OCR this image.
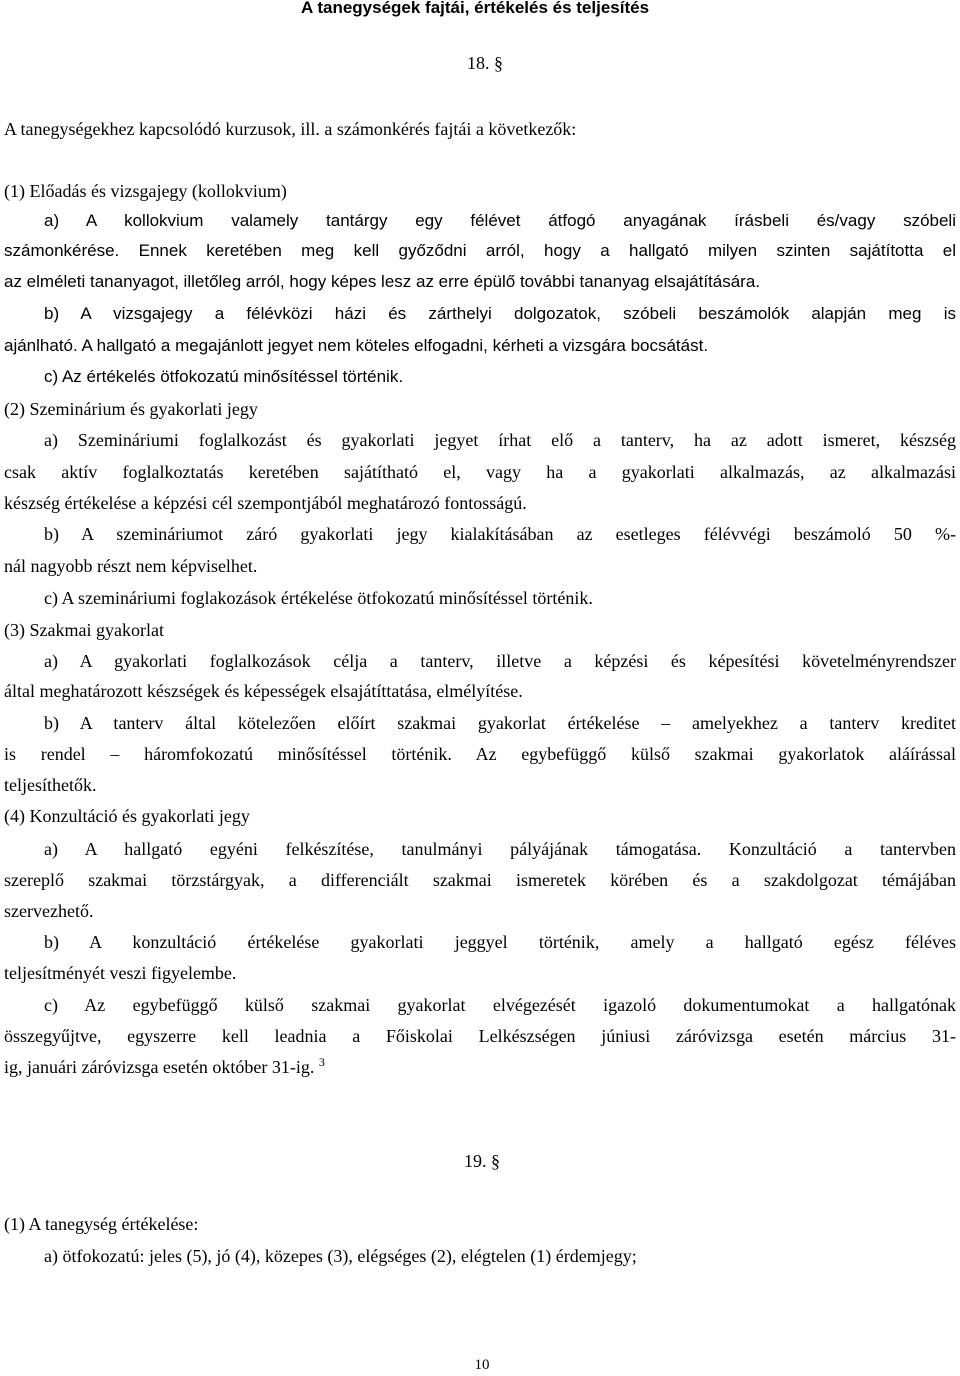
A tanegységek fajtái, értékelés és teljesítés
18. §
A tanegységekhez kapcsolódó kurzusok, ill. a számonkérés fajtái a következők:
(1) Előadás és vizsgajegy (kollokvium)
a) A kollokvium valamely tantárgy egy félévet átfogó anyagának írásbeli és/vagy szóbeli
számonkérése. Ennek keretében meg kell győződni arról, hogy a hallgató milyen szinten sajátította el
az elméleti tananyagot, illetőleg arról, hogy képes lesz az erre épülő további tananyag elsajátítására.
b) A vizsgajegy a félévközi házi és zárthelyi dolgozatok, szóbeli beszámolók alapján meg is
ajánlható. A hallgató a megajánlott jegyet nem köteles elfogadni, kérheti a vizsgára bocsátást.
c) Az értékelés ötfokozatú minősítéssel történik.
(2) Szeminárium és gyakorlati jegy
a) Szemináriumi foglalkozást és gyakorlati jegyet írhat elő a tanterv, ha az adott ismeret, készség
csak aktív foglalkoztatás keretében sajátítható el, vagy ha a gyakorlati alkalmazás, az alkalmazási
készség értékelése a képzési cél szempontjából meghatározó fontosságú.
b) A szemináriumot záró gyakorlati jegy kialakításában az esetleges félévvégi beszámoló 50 %-
nál nagyobb részt nem képviselhet.
c) A szemináriumi foglakozások értékelése ötfokozatú minősítéssel történik.
(3) Szakmai gyakorlat
a) A gyakorlati foglalkozások célja a tanterv, illetve a képzési és képesítési követelményrendszer
által meghatározott készségek és képességek elsajátíttatása, elmélyítése.
b) A tanterv által kötelezően előírt szakmai gyakorlat értékelése – amelyekhez a tanterv kreditet
is rendel – háromfokozatú minősítéssel történik. Az egybefüggő külső szakmai gyakorlatok aláírással
teljesíthetők.
(4) Konzultáció és gyakorlati jegy
a) A hallgató egyéni felkészítése, tanulmányi pályájának támogatása. Konzultáció a tantervben
szereplő szakmai törzstárgyak, a differenciált szakmai ismeretek körében és a szakdolgozat témájában
szervezhető.
b) A konzultáció értékelése gyakorlati jeggyel történik, amely a hallgató egész féléves
teljesítményét veszi figyelembe.
c) Az egybefüggő külső szakmai gyakorlat elvégezését igazoló dokumentumokat a hallgatónak
összegyűjtve, egyszerre kell leadnia a Főiskolai Lelkészségen júniusi záróvizsga esetén március 31-
ig, januári záróvizsga esetén október 31-ig. $^3$
19. §
(1) A tanegység értékelése:
a) ötfokozatú: jeles (5), jó (4), közepes (3), elégséges (2), elégtelen (1) érdemjegy;
10
